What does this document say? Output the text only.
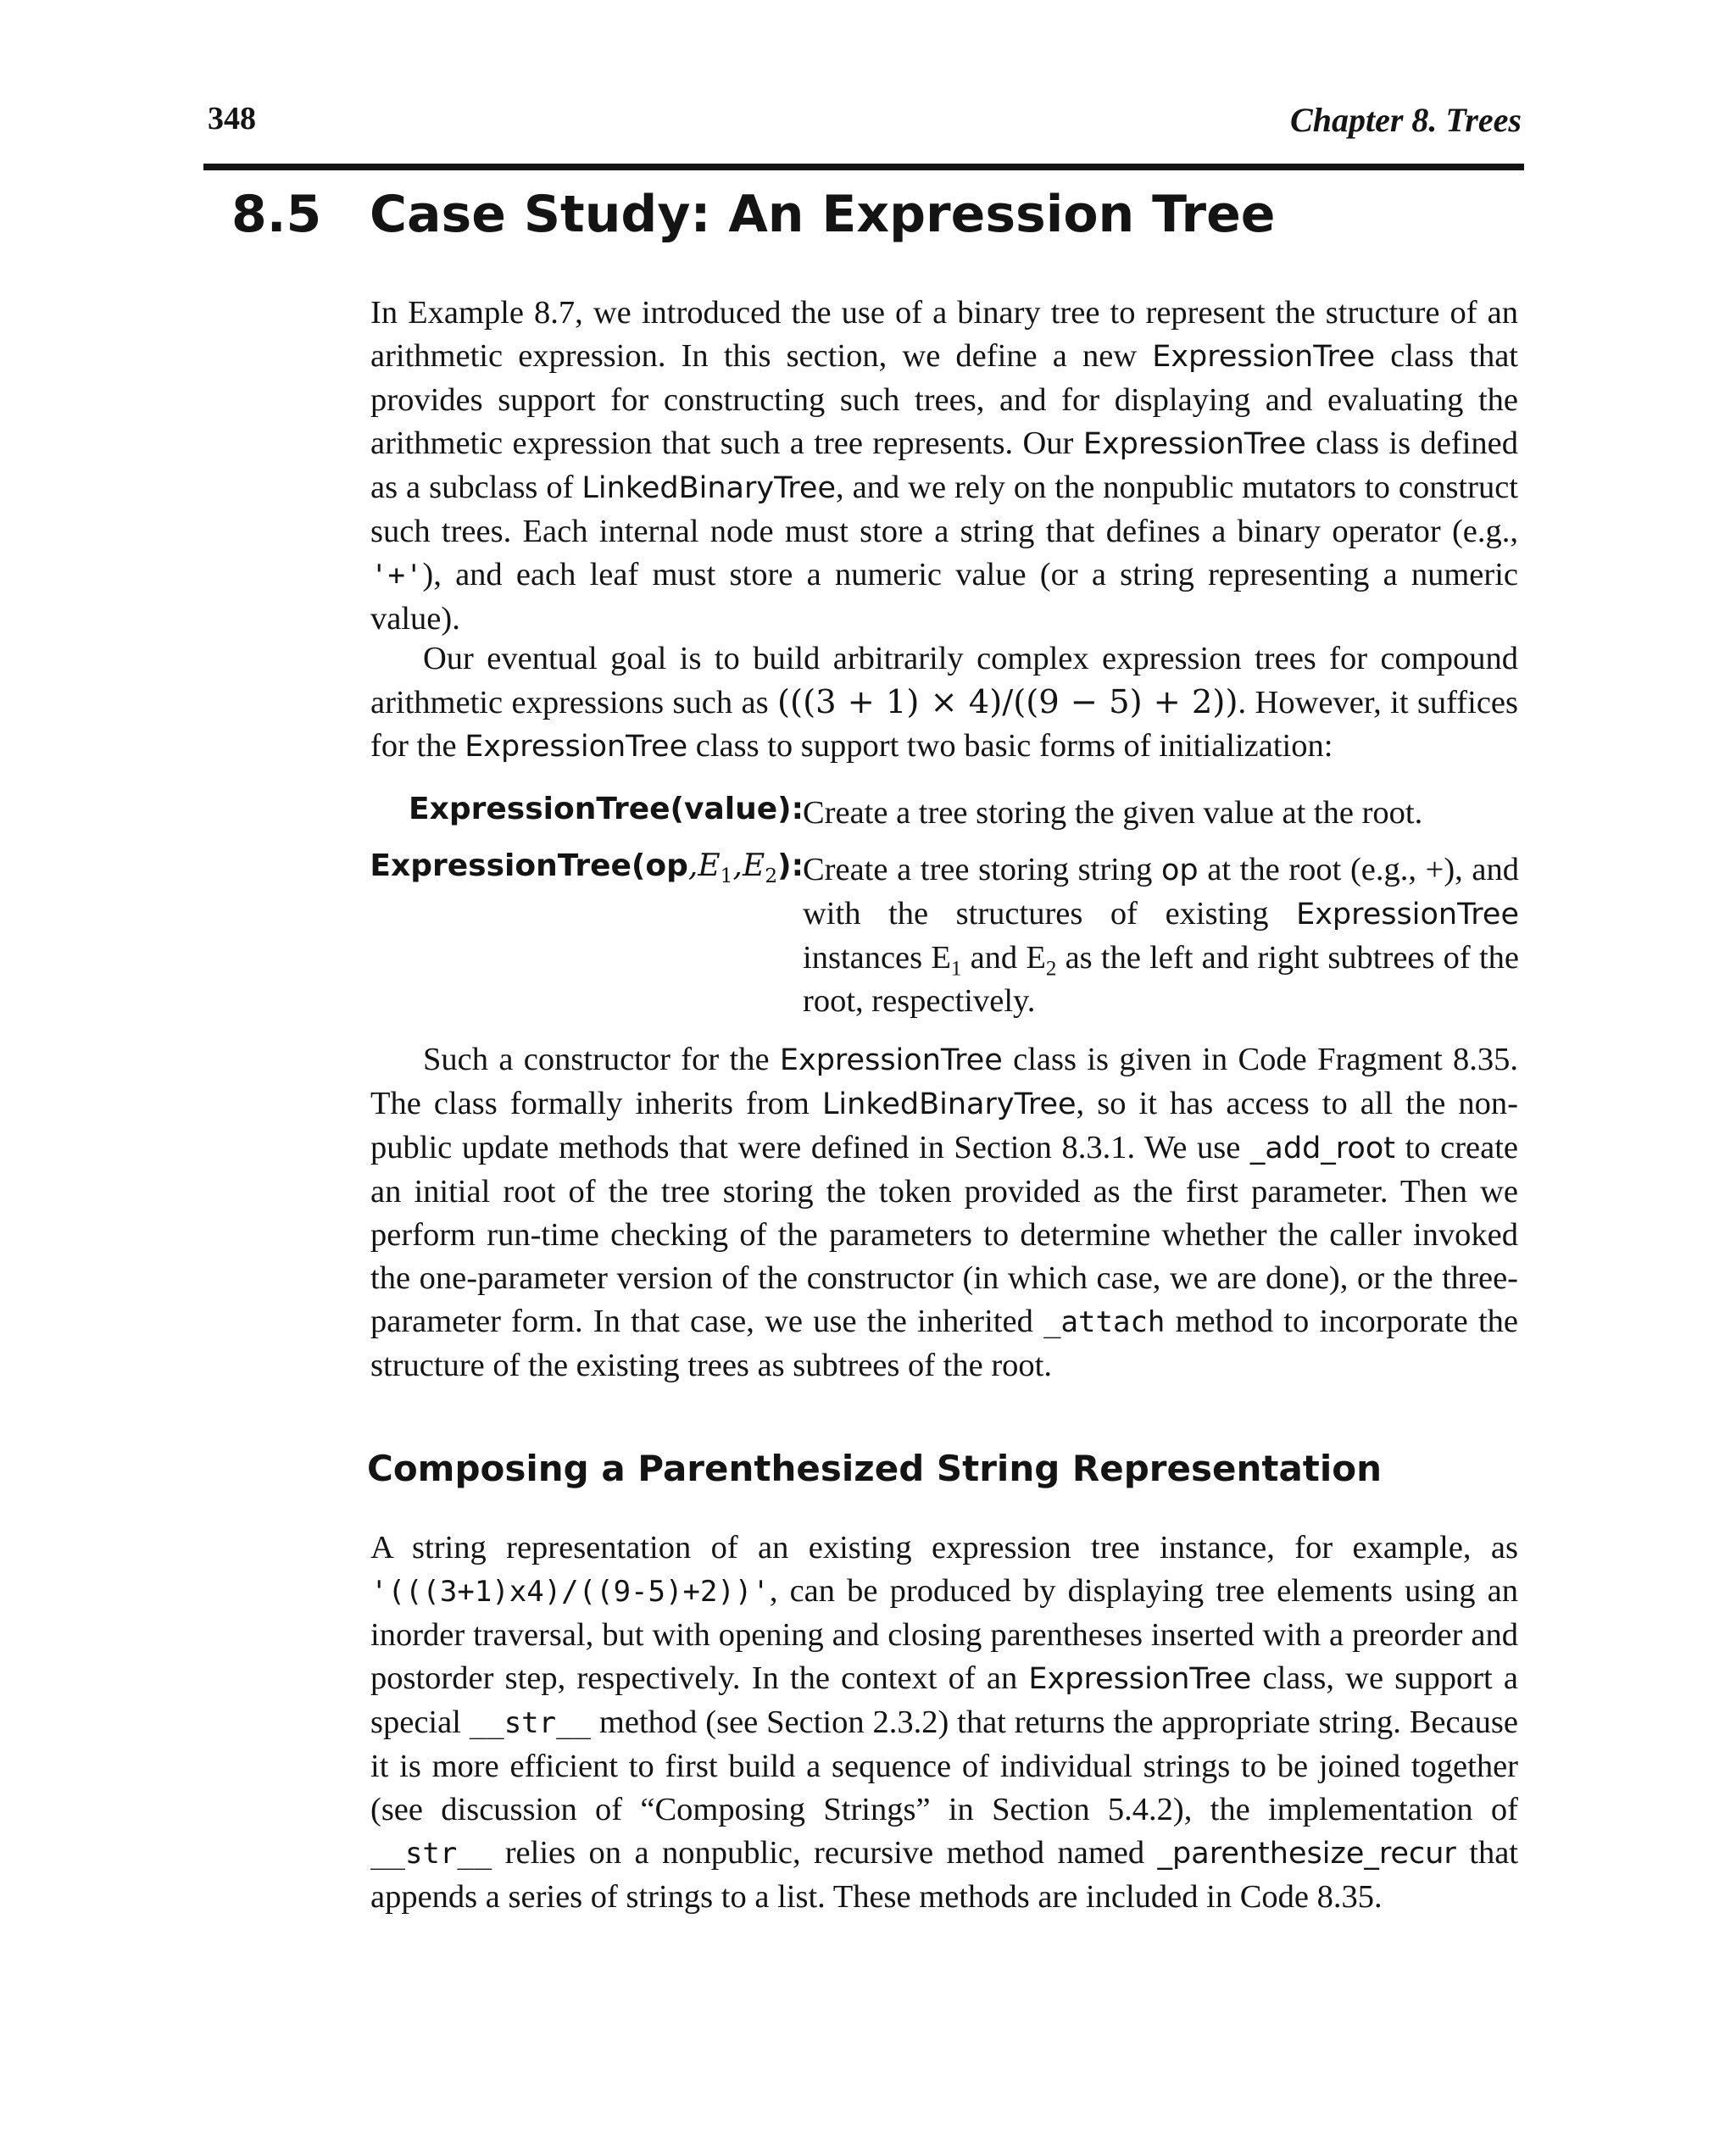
348	Chapter 8. Trees
8.5 Case Study: An Expression Tree

In Example 8.7, we introduced the use of a binary tree to represent the structure of an arithmetic expression. In this section, we define a new ExpressionTree class that provides support for constructing such trees, and for displaying and evaluating the arithmetic expression that such a tree represents. Our ExpressionTree class is defined as a subclass of LinkedBinaryTree, and we rely on the nonpublic mutators to construct such trees. Each internal node must store a string that defines a binary operator (e.g., '+'), and each leaf must store a numeric value (or a string representing a numeric value).

Our eventual goal is to build arbitrarily complex expression trees for compound arithmetic expressions such as (((3 + 1) × 4)/((9 − 5) + 2)). However, it suffices for the ExpressionTree class to support two basic forms of initialization:

ExpressionTree(value): Create a tree storing the given value at the root.

$ExpressionTree(op,E_1,E_2)$: Create a tree storing string op at the root (e.g., +), and with the structures of existing ExpressionTree instances $E_1$ and $E_2$ as the left and right subtrees of the root, respectively.

Such a constructor for the ExpressionTree class is given in Code Fragment 8.35. The class formally inherits from LinkedBinaryTree, so it has access to all the nonpublic update methods that were defined in Section 8.3.1. We use _add_root to create an initial root of the tree storing the token provided as the first parameter. Then we perform run-time checking of the parameters to determine whether the caller invoked the one-parameter version of the constructor (in which case, we are done), or the three-parameter form. In that case, we use the inherited _attach method to incorporate the structure of the existing trees as subtrees of the root.

Composing a Parenthesized String Representation

A string representation of an existing expression tree instance, for example, as '(((3+1)x4)/((9-5)+2))', can be produced by displaying tree elements using an inorder traversal, but with opening and closing parentheses inserted with a preorder and postorder step, respectively. In the context of an ExpressionTree class, we support a special __str__ method (see Section 2.3.2) that returns the appropriate string. Because it is more efficient to first build a sequence of individual strings to be joined together (see discussion of “Composing Strings” in Section 5.4.2), the implementation of __str__ relies on a nonpublic, recursive method named _parenthesize_recur that appends a series of strings to a list. These methods are included in Code 8.35.
